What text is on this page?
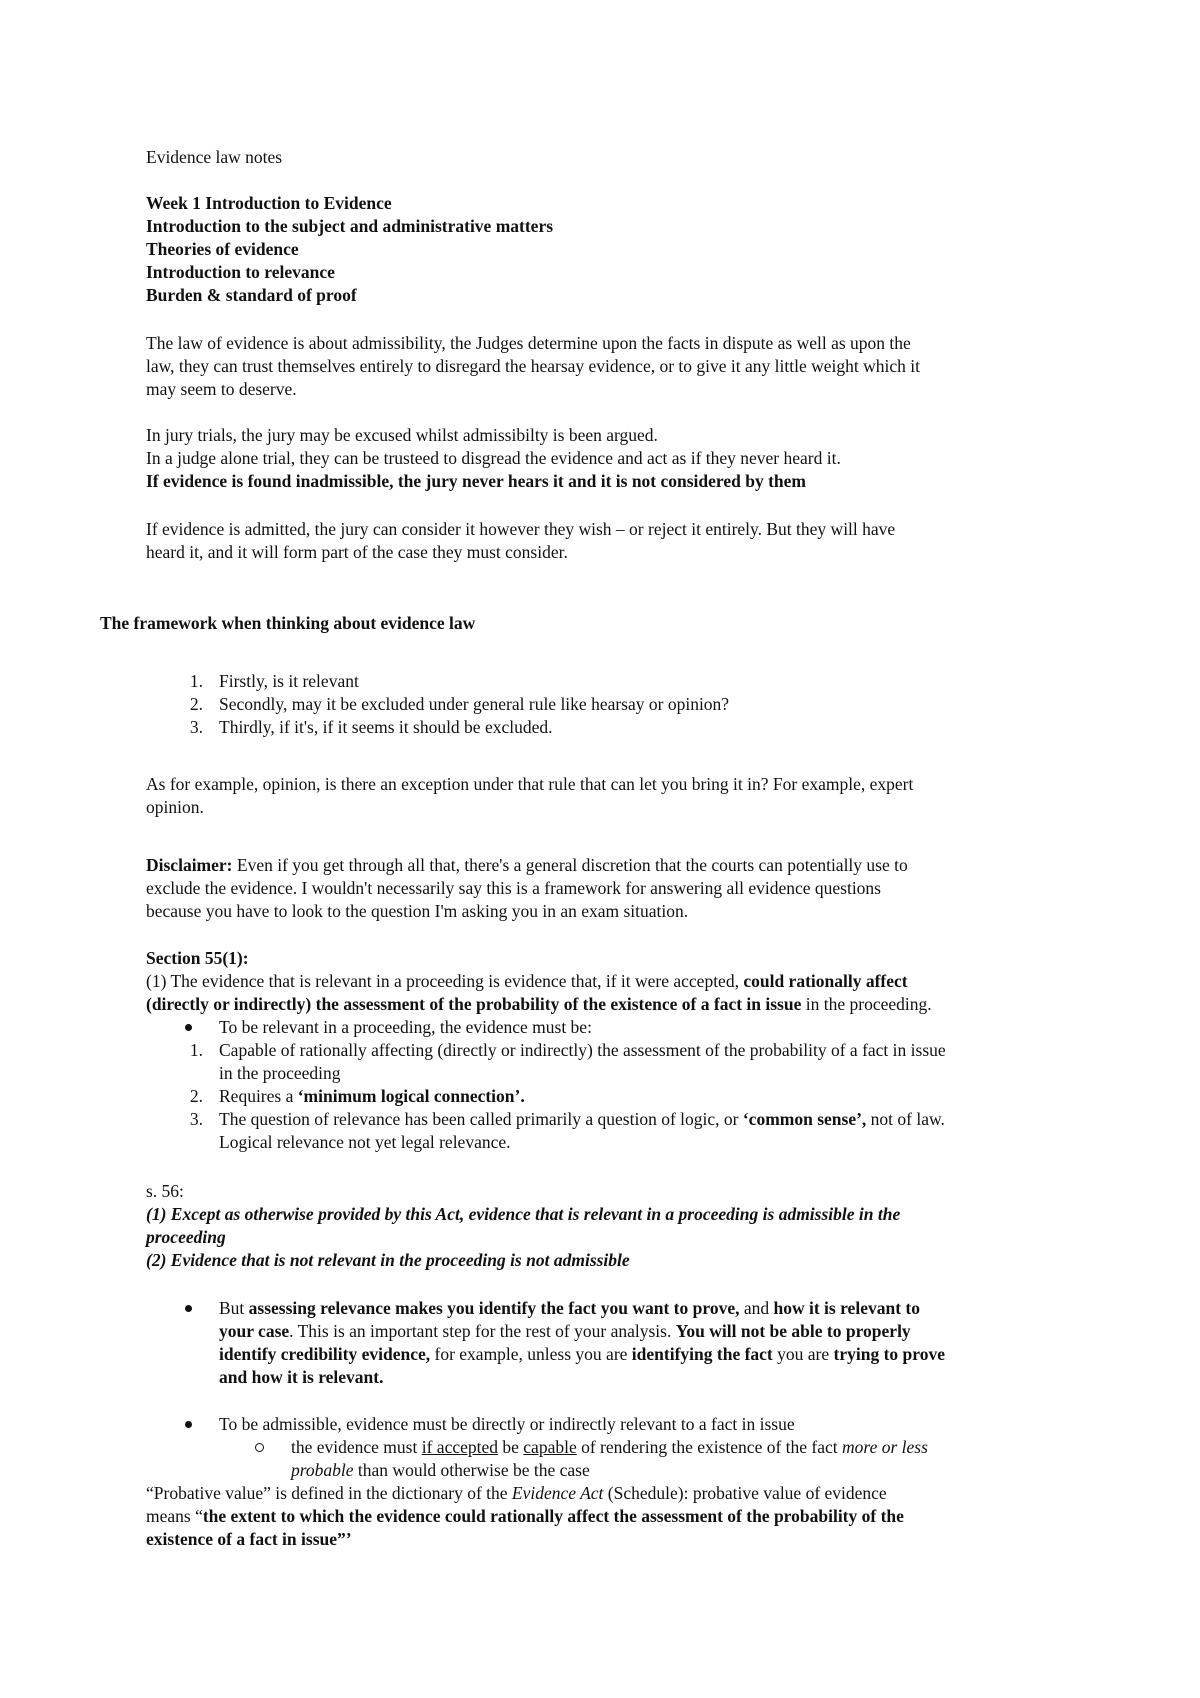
Evidence law notes
Week 1 Introduction to Evidence
Introduction to the subject and administrative matters
Theories of evidence
Introduction to relevance
Burden & standard of proof
The law of evidence is about admissibility, the Judges determine upon the facts in dispute as well as upon the
law, they can trust themselves entirely to disregard the hearsay evidence, or to give it any little weight which it
may seem to deserve.
In jury trials, the jury may be excused whilst admissibilty is been argued.
In a judge alone trial, they can be trusteed to disgread the evidence and act as if they never heard it.
If evidence is found inadmissible, the jury never hears it and it is not considered by them
If evidence is admitted, the jury can consider it however they wish – or reject it entirely. But they will have
heard it, and it will form part of the case they must consider.
The framework when thinking about evidence law
1. Firstly, is it relevant
2. Secondly, may it be excluded under general rule like hearsay or opinion?
3. Thirdly, if it's, if it seems it should be excluded.
As for example, opinion, is there an exception under that rule that can let you bring it in? For example, expert
opinion.
Disclaimer: Even if you get through all that, there's a general discretion that the courts can potentially use to
exclude the evidence. I wouldn't necessarily say this is a framework for answering all evidence questions
because you have to look to the question I'm asking you in an exam situation.
Section 55(1):
(1) The evidence that is relevant in a proceeding is evidence that, if it were accepted, could rationally affect
(directly or indirectly) the assessment of the probability of the existence of a fact in issue in the proceeding.
To be relevant in a proceeding, the evidence must be:
1. Capable of rationally affecting (directly or indirectly) the assessment of the probability of a fact in issue
in the proceeding
2. Requires a ‘minimum logical connection’.
3. The question of relevance has been called primarily a question of logic, or ‘common sense’, not of law.
Logical relevance not yet legal relevance.
s. 56:
(1) Except as otherwise provided by this Act, evidence that is relevant in a proceeding is admissible in the
proceeding
(2) Evidence that is not relevant in the proceeding is not admissible
But assessing relevance makes you identify the fact you want to prove, and how it is relevant to
your case. This is an important step for the rest of your analysis. You will not be able to properly
identify credibility evidence, for example, unless you are identifying the fact you are trying to prove
and how it is relevant.
To be admissible, evidence must be directly or indirectly relevant to a fact in issue
the evidence must if accepted be capable of rendering the existence of the fact more or less
probable than would otherwise be the case
“Probative value” is defined in the dictionary of the Evidence Act (Schedule): probative value of evidence
means “the extent to which the evidence could rationally affect the assessment of the probability of the
existence of a fact in issue”’
